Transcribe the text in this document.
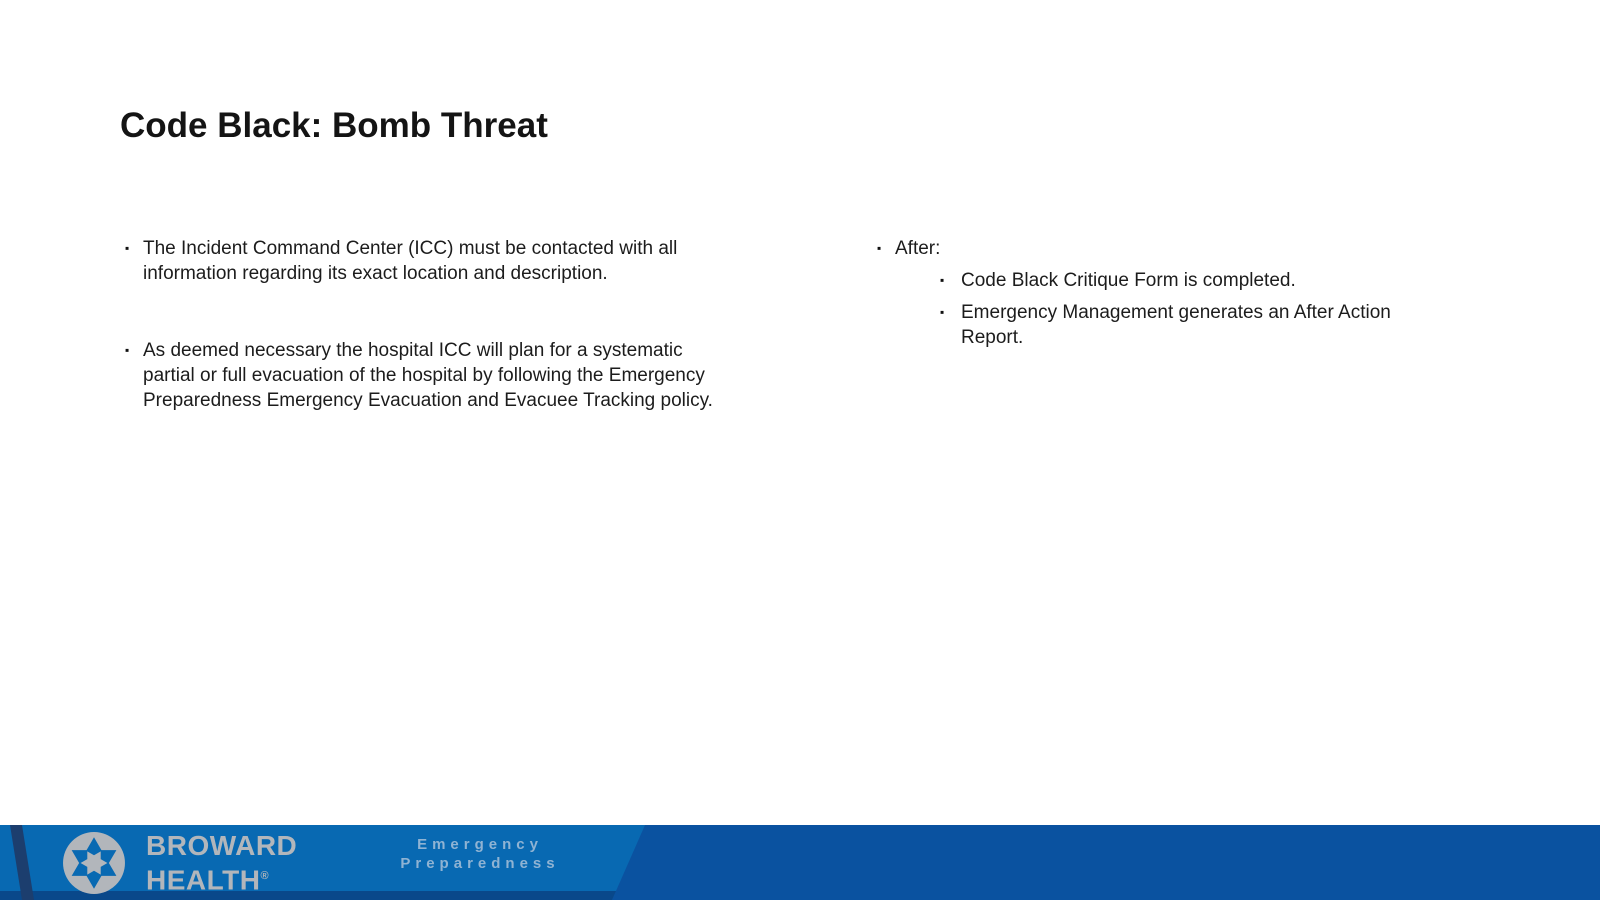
Code Black: Bomb Threat
▪ The Incident Command Center (ICC) must be contacted with all information regarding its exact location and description.
▪ As deemed necessary the hospital ICC will plan for a systematic partial or full evacuation of the hospital by following the Emergency Preparedness Emergency Evacuation and Evacuee Tracking policy.
▪ After:
▪ Code Black Critique Form is completed.
▪ Emergency Management generates an After Action Report.
BROWARD
HEALTH®
Emergency
Preparedness
